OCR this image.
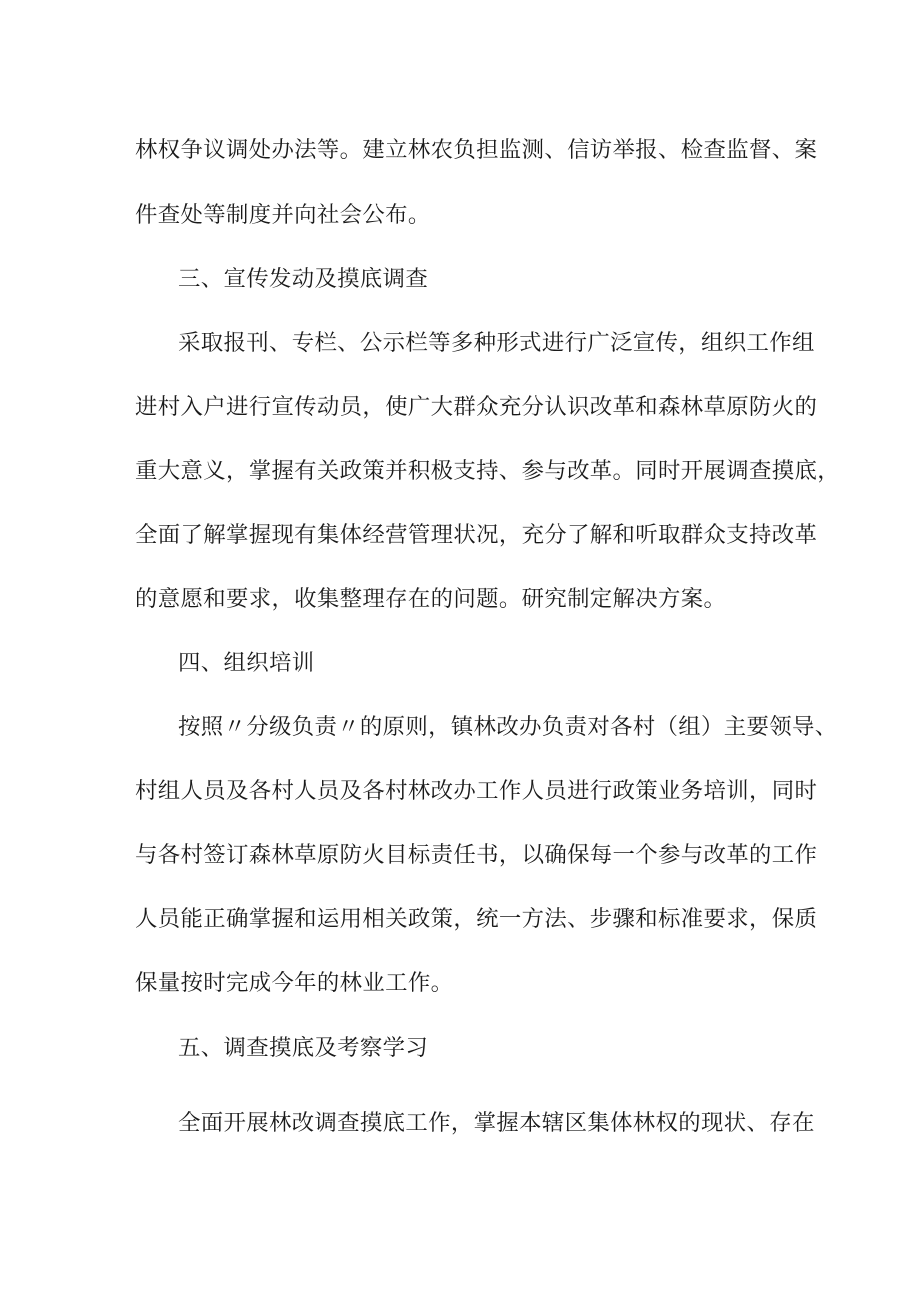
林权争议调处办法等。建立林农负担监测、信访举报、检查监督、案
件查处等制度并向社会公布。
三、宣传发动及摸底调查
采取报刊、专栏、公示栏等多种形式进行广泛宣传，组织工作组
进村入户进行宣传动员，使广大群众充分认识改革和森林草原防火的
重大意义，掌握有关政策并积极支持、参与改革。同时开展调查摸底，
全面了解掌握现有集体经营管理状况，充分了解和听取群众支持改革
的意愿和要求，收集整理存在的问题。研究制定解决方案。
四、组织培训
按照〃分级负责〃的原则，镇林改办负责对各村（组）主要领导、
村组人员及各村人员及各村林改办工作人员进行政策业务培训，同时
与各村签订森林草原防火目标责任书，以确保每一个参与改革的工作
人员能正确掌握和运用相关政策，统一方法、步骤和标准要求，保质
保量按时完成今年的林业工作。
五、调查摸底及考察学习
全面开展林改调查摸底工作，掌握本辖区集体林权的现状、存在
